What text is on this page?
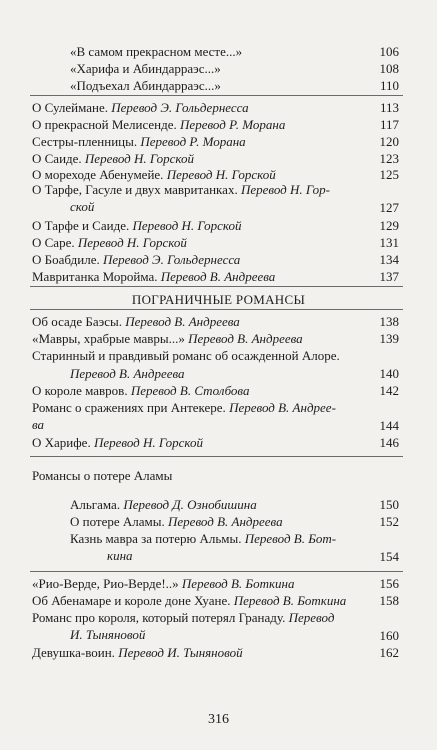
«В самом прекрасном месте...»	106
«Харифа и Абиндарраэс...»	108
«Подъехал Абиндарраэс...»	110
О Сулеймане. Перевод Э. Гольдернесса	113
О прекрасной Мелисенде. Перевод Р. Морана	117
Сестры-пленницы. Перевод Р. Морана	120
О Саиде. Перевод Н. Горской	123
О мореходе Абенумейе. Перевод Н. Горской	125
О Тарфе, Гасуле и двух мавританках. Перевод Н. Гор-
ской	127
О Тарфе и Саиде. Перевод Н. Горской	129
О Саре. Перевод Н. Горской	131
О Боабдиле. Перевод Э. Гольдернесса	134
Мавританка Моройма. Перевод В. Андреева	137
ПОГРАНИЧНЫЕ РОМАНСЫ
Об осаде Баэсы. Перевод В. Андреева	138
«Мавры, храбрые мавры...» Перевод В. Андреева	139
Старинный и правдивый романс об осажденной Алоре.
Перевод В. Андреева	140
О короле мавров. Перевод В. Столбова	142
Романс о сражениях при Антекере. Перевод В. Андрее-
ва	144
О Харифе. Перевод Н. Горской	146
Романсы о потере Аламы
Альгама. Перевод Д. Ознобишина	150
О потере Аламы. Перевод В. Андреева	152
Казнь мавра за потерю Альмы. Перевод В. Бот-
кина	154
«Рио-Верде, Рио-Верде!..» Перевод В. Боткина	156
Об Абенамаре и короле доне Хуане. Перевод В. Боткина	158
Романс про короля, который потерял Гранаду. Перевод
И. Тыняновой	160
Девушка-воин. Перевод И. Тыняновой	162
316
